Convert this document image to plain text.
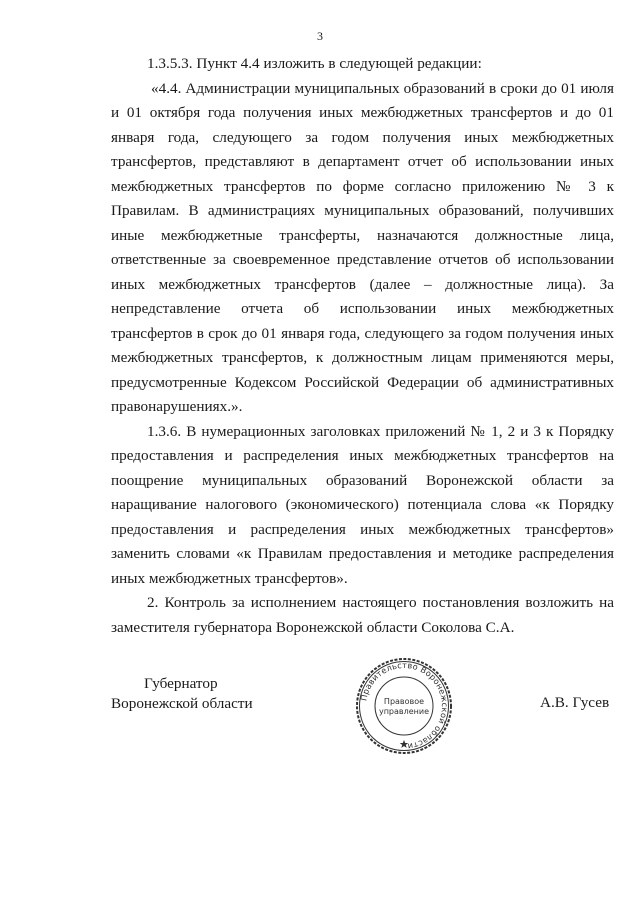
3

1.3.5.3. Пункт 4.4 изложить в следующей редакции:

«4.4. Администрации муниципальных образований в сроки до 01 июля и 01 октября года получения иных межбюджетных трансфертов и до 01 января года, следующего за годом получения иных межбюджетных трансфертов, представляют в департамент отчет об использовании иных межбюджетных трансфертов по форме согласно приложению № 3 к Правилам. В администрациях муниципальных образований, получивших иные межбюджетные трансферты, назначаются должностные лица, ответственные за своевременное представление отчетов об использовании иных межбюджетных трансфертов (далее – должностные лица). За непредставление отчета об использовании иных межбюджетных трансфертов в срок до 01 января года, следующего за годом получения иных межбюджетных трансфертов, к должностным лицам применяются меры, предусмотренные Кодексом Российской Федерации об административных правонарушениях.».

1.3.6. В нумерационных заголовках приложений № 1, 2 и 3 к Порядку предоставления и распределения иных межбюджетных трансфертов на поощрение муниципальных образований Воронежской области за наращивание налогового (экономического) потенциала слова «к Порядку предоставления и распределения иных межбюджетных трансфертов» заменить словами «к Правилам предоставления и методике распределения иных межбюджетных трансфертов».

2. Контроль за исполнением настоящего постановления возложить на заместителя губернатора Воронежской области Соколова С.А.

Губернатор
Воронежской области	Правительство Воронежской области
Правовое
управление
А.В. Гусев
